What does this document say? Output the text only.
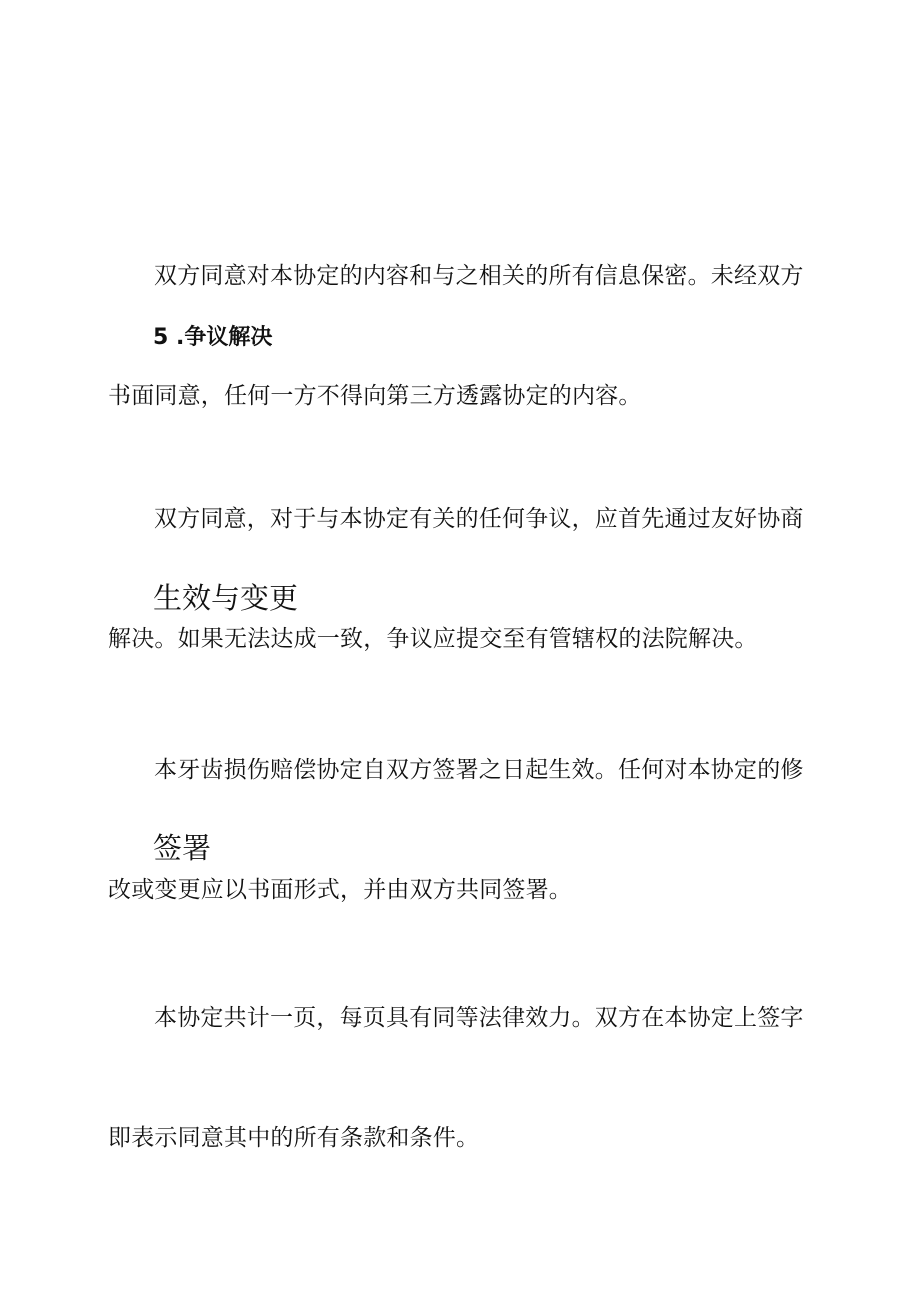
双方同意对本协定的内容和与之相关的所有信息保密。未经双方

书面同意，任何一方不得向第三方透露协定的内容。

5 .争议解决

双方同意，对于与本协定有关的任何争议，应首先通过友好协商

解决。如果无法达成一致，争议应提交至有管辖权的法院解决。

生效与变更

本牙齿损伤赔偿协定自双方签署之日起生效。任何对本协定的修

改或变更应以书面形式，并由双方共同签署。

签署

本协定共计一页，每页具有同等法律效力。双方在本协定上签字

即表示同意其中的所有条款和条件。
